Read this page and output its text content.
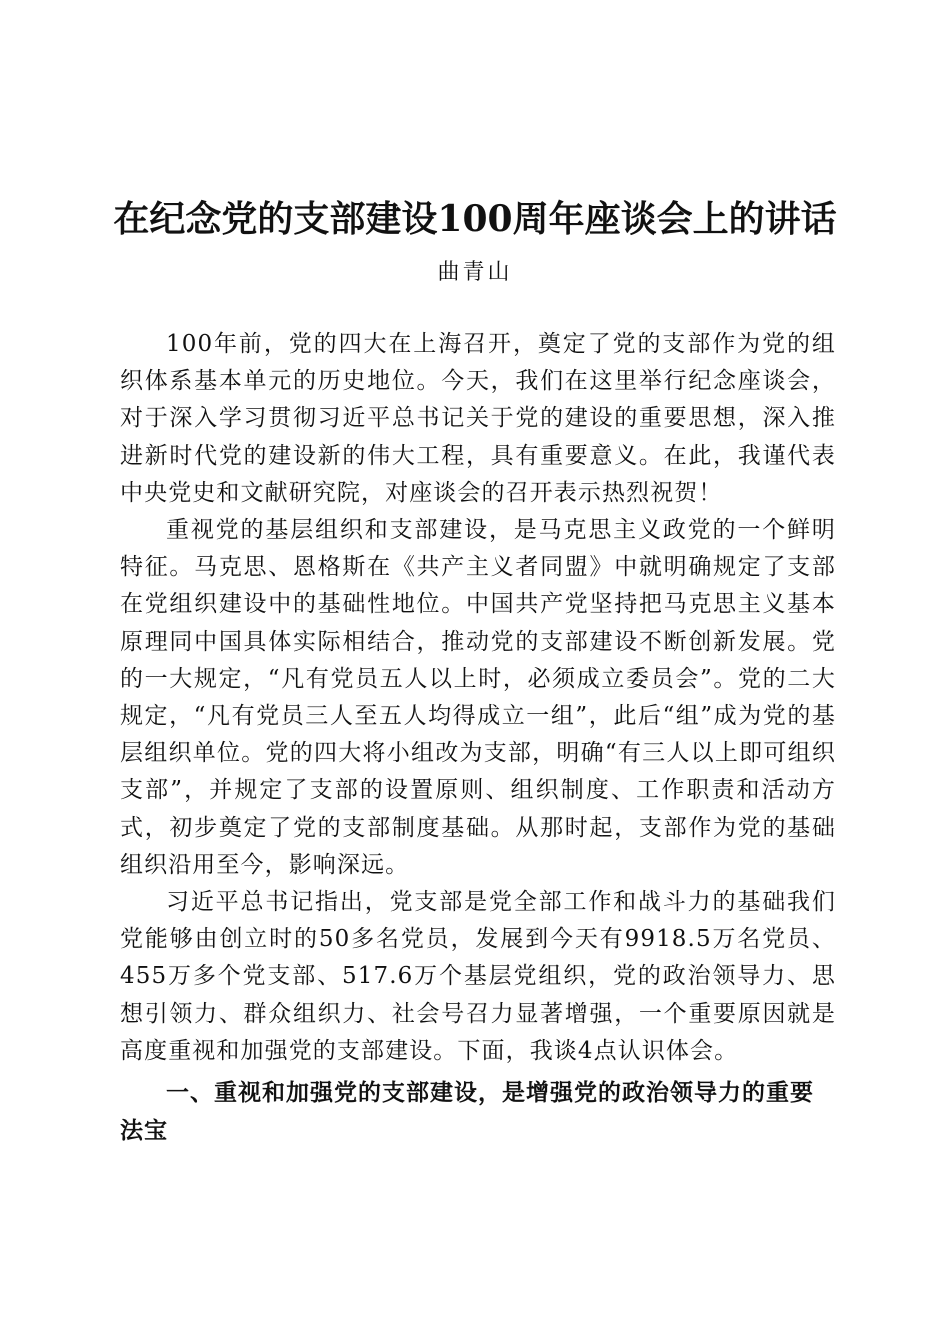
在纪念党的支部建设100周年座谈会上的讲话

曲青山

100年前，党的四大在上海召开，奠定了党的支部作为党的组织体系基本单元的历史地位。今天，我们在这里举行纪念座谈会，对于深入学习贯彻习近平总书记关于党的建设的重要思想，深入推进新时代党的建设新的伟大工程，具有重要意义。在此，我谨代表中央党史和文献研究院，对座谈会的召开表示热烈祝贺！

重视党的基层组织和支部建设，是马克思主义政党的一个鲜明特征。马克思、恩格斯在《共产主义者同盟》中就明确规定了支部在党组织建设中的基础性地位。中国共产党坚持把马克思主义基本原理同中国具体实际相结合，推动党的支部建设不断创新发展。党的一大规定，“凡有党员五人以上时，必须成立委员会”。党的二大规定，“凡有党员三人至五人均得成立一组”，此后“组”成为党的基层组织单位。党的四大将小组改为支部，明确“有三人以上即可组织支部”，并规定了支部的设置原则、组织制度、工作职责和活动方式，初步奠定了党的支部制度基础。从那时起，支部作为党的基础组织沿用至今，影响深远。

习近平总书记指出，党支部是党全部工作和战斗力的基础我们党能够由创立时的50多名党员，发展到今天有9918.5万名党员、455万多个党支部、517.6万个基层党组织，党的政治领导力、思想引领力、群众组织力、社会号召力显著增强，一个重要原因就是高度重视和加强党的支部建设。下面，我谈4点认识体会。

一、重视和加强党的支部建设，是增强党的政治领导力的重要法宝
